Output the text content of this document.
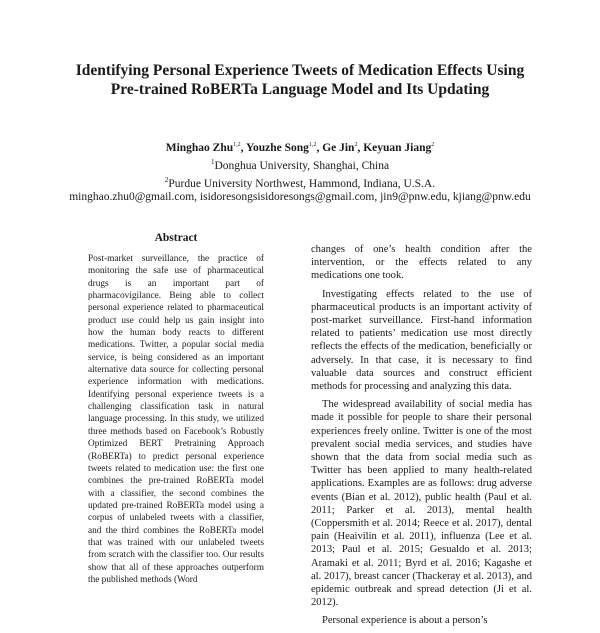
Identifying Personal Experience Tweets of Medication Effects Using
Pre-trained RoBERTa Language Model and Its Updating
Minghao Zhu$^{1,2}$, Youzhe Song$^{1,2}$, Ge Jin$^2$, Keyuan Jiang$^2$
$^1$Donghua University, Shanghai, China
$^2$Purdue University Northwest, Hammond, Indiana, U.S.A.
minghao.zhu0@gmail.com, isidoresongsisidoresongs@gmail.com, jin9@pnw.edu, kjiang@pnw.edu
Abstract
Post-market surveillance, the practice of monitoring the safe use of pharmaceutical drugs is an important part of pharmacovigilance. Being able to collect personal experience related to pharmaceutical product use could help us gain insight into how the human body reacts to different medications. Twitter, a popular social media service, is being considered as an important alternative data source for collecting personal experience information with medications. Identifying personal experience tweets is a challenging classification task in natural language processing. In this study, we utilized three methods based on Facebook’s Robustly Optimized BERT Pretraining Approach (RoBERTa) to predict personal experience tweets related to medication use: the first one combines the pre-trained RoBERTa model with a classifier, the second combines the updated pre-trained RoBERTa model using a corpus of unlabeled tweets with a classifier, and the third combines the RoBERTa model that was trained with our unlabeled tweets from scratch with the classifier too. Our results show that all of these approaches outperform the published methods (Word

changes of one’s health condition after the intervention, or the effects related to any medications one took.

Investigating effects related to the use of pharmaceutical products is an important activity of post-market surveillance. First-hand information related to patients’ medication use most directly reflects the effects of the medication, beneficially or adversely. In that case, it is necessary to find valuable data sources and construct efficient methods for processing and analyzing this data.

The widespread availability of social media has made it possible for people to share their personal experiences freely online. Twitter is one of the most prevalent social media services, and studies have shown that the data from social media such as Twitter has been applied to many health-related applications. Examples are as follows: drug adverse events (Bian et al. 2012), public health (Paul et al. 2011; Parker et al. 2013), mental health (Coppersmith et al. 2014; Reece et al. 2017), dental pain (Heaivilin et al. 2011), influenza (Lee et al. 2013; Paul et al. 2015; Gesualdo et al. 2013; Aramaki et al. 2011; Byrd et al. 2016; Kagashe et al. 2017), breast cancer (Thackeray et al. 2013), and epidemic outbreak and spread detection (Ji et al. 2012).

Personal experience is about a person’s
